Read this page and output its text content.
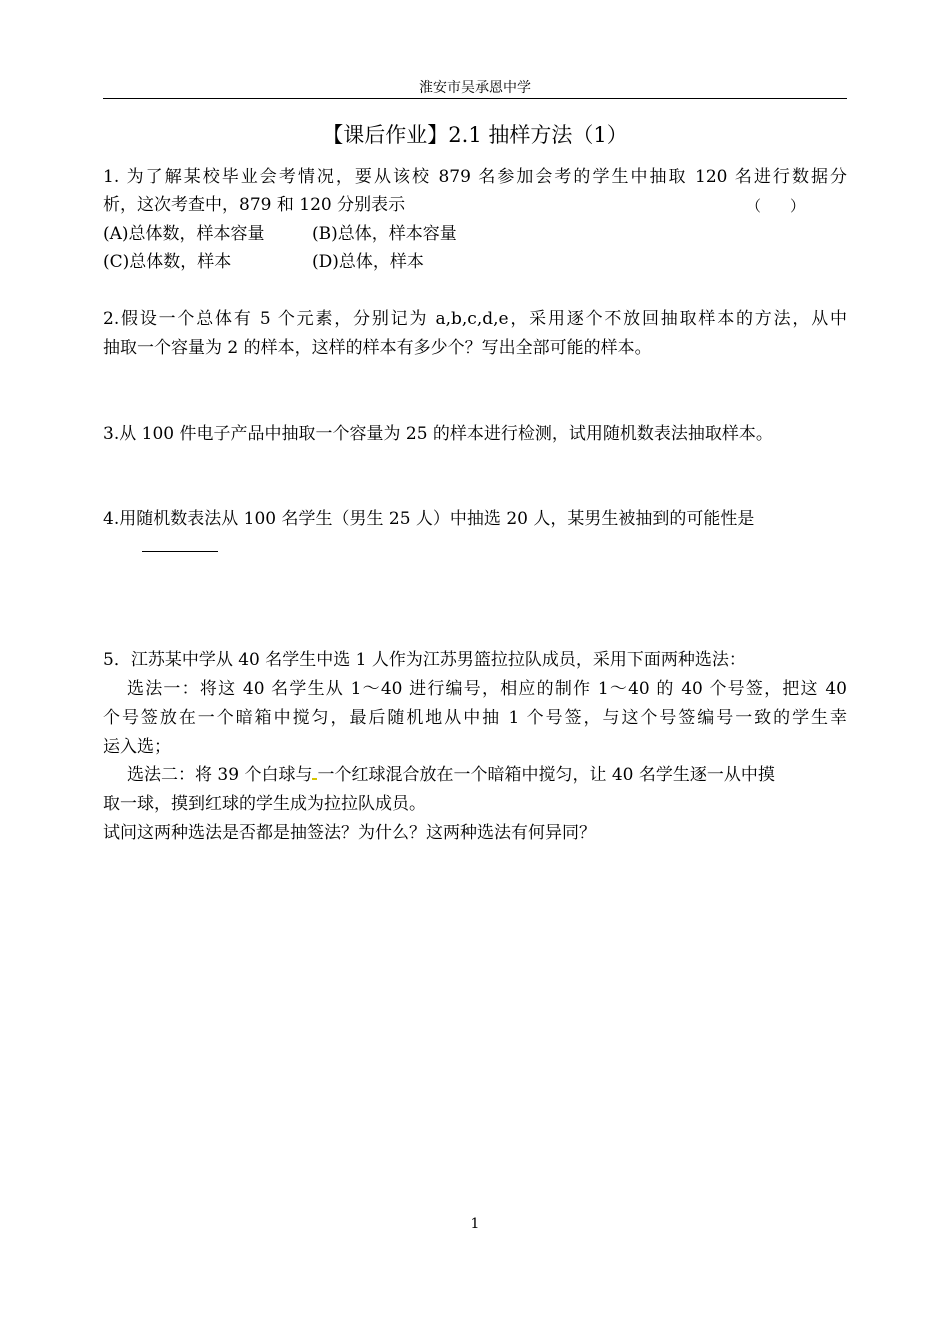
淮安市吴承恩中学
【课后作业】2.1 抽样方法（1）
1. 为了解某校毕业会考情况，要从该校 879 名参加会考的学生中抽取 120 名进行数据分
析，这次考查中，879 和 120 分别表示	（ ）
(A)总体数，样本容量	(B)总体，样本容量
(C)总体数，样本	(D)总体，样本
2.假设一个总体有 5 个元素，分别记为 a,b,c,d,e，采用逐个不放回抽取样本的方法，从中
抽取一个容量为 2 的样本，这样的样本有多少个？写出全部可能的样本。
3.从 100 件电子产品中抽取一个容量为 25 的样本进行检测，试用随机数表法抽取样本。
4.用随机数表法从 100 名学生（男生 25 人）中抽选 20 人，某男生被抽到的可能性是
5．江苏某中学从 40 名学生中选 1 人作为江苏男篮拉拉队成员，采用下面两种选法：
选法一：将这 40 名学生从 1～40 进行编号，相应的制作 1～40 的 40 个号签，把这 40
个号签放在一个暗箱中搅匀，最后随机地从中抽 1 个号签，与这个号签编号一致的学生幸
运入选；
选法二：将 39 个白球与 一个红球混合放在一个暗箱中搅匀，让 40 名学生逐一从中摸
取一球，摸到红球的学生成为拉拉队成员。
试问这两种选法是否都是抽签法？为什么？这两种选法有何异同？
1
